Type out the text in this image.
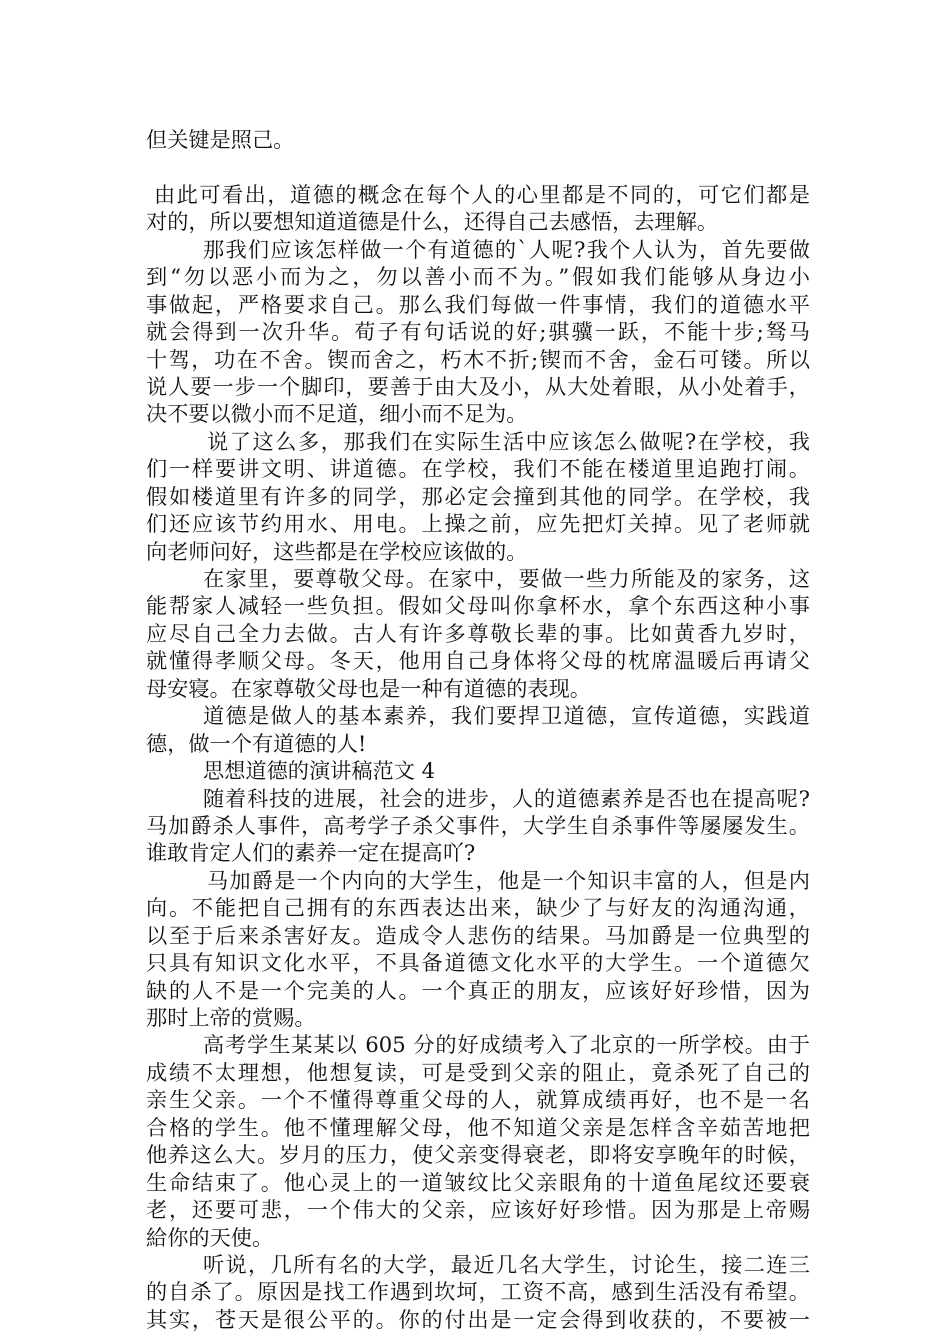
但关键是照己。
由此可看出，道德的概念在每个人的心里都是不同的，可它们都是
对的，所以要想知道道德是什么，还得自己去感悟，去理解。
那我们应该怎样做一个有道德的`人呢?我个人认为，首先要做
到“勿以恶小而为之，勿以善小而不为。”假如我们能够从身边小
事做起，严格要求自己。那么我们每做一件事情，我们的道德水平
就会得到一次升华。荀子有句话说的好;骐骥一跃，不能十步;驽马
十驾，功在不舍。锲而舍之，朽木不折;锲而不舍，金石可镂。所以
说人要一步一个脚印，要善于由大及小，从大处着眼，从小处着手，
决不要以微小而不足道，细小而不足为。
说了这么多，那我们在实际生活中应该怎么做呢?在学校，我
们一样要讲文明、讲道德。在学校，我们不能在楼道里追跑打闹。
假如楼道里有许多的同学，那必定会撞到其他的同学。在学校，我
们还应该节约用水、用电。上操之前，应先把灯关掉。见了老师就
向老师问好，这些都是在学校应该做的。
在家里，要尊敬父母。在家中，要做一些力所能及的家务，这
能帮家人减轻一些负担。假如父母叫你拿杯水，拿个东西这种小事
应尽自己全力去做。古人有许多尊敬长辈的事。比如黄香九岁时，
就懂得孝顺父母。冬天，他用自己身体将父母的枕席温暖后再请父
母安寝。在家尊敬父母也是一种有道德的表现。
道德是做人的基本素养，我们要捍卫道德，宣传道德，实践道
德，做一个有道德的人!
思想道德的演讲稿范文 4
随着科技的进展，社会的进步，人的道德素养是否也在提高呢?
马加爵杀人事件，高考学子杀父事件，大学生自杀事件等屡屡发生。
谁敢肯定人们的素养一定在提高吖?
马加爵是一个内向的大学生，他是一个知识丰富的人，但是内
向。不能把自己拥有的东西表达出来，缺少了与好友的沟通沟通，
以至于后来杀害好友。造成令人悲伤的结果。马加爵是一位典型的
只具有知识文化水平，不具备道德文化水平的大学生。一个道德欠
缺的人不是一个完美的人。一个真正的朋友，应该好好珍惜，因为
那时上帝的赏赐。
高考学生某某以 605 分的好成绩考入了北京的一所学校。由于
成绩不太理想，他想复读，可是受到父亲的阻止，竟杀死了自己的
亲生父亲。一个不懂得尊重父母的人，就算成绩再好，也不是一名
合格的学生。他不懂理解父母，他不知道父亲是怎样含辛茹苦地把
他养这么大。岁月的压力，使父亲变得衰老，即将安享晚年的时候，
生命结束了。他心灵上的一道皱纹比父亲眼角的十道鱼尾纹还要衰
老，还要可悲，一个伟大的父亲，应该好好珍惜。因为那是上帝赐
給你的天使。
听说，几所有名的大学，最近几名大学生，讨论生，接二连三
的自杀了。原因是找工作遇到坎坷，工资不高，感到生活没有希望。
其实，苍天是很公平的。你的付出是一定会得到收获的，不要被一
